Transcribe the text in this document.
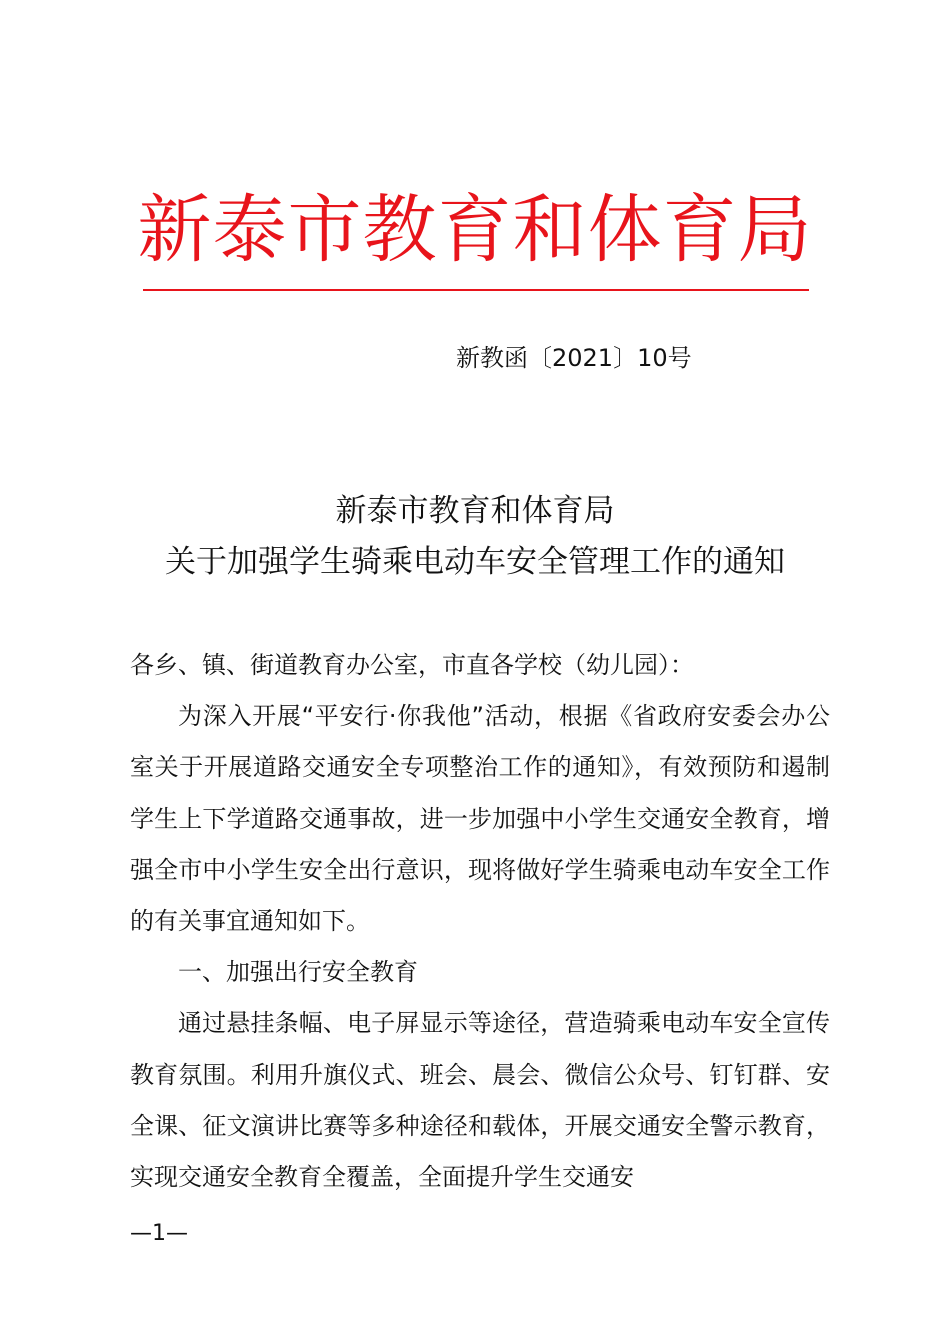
新泰市教育和体育局
新教函〔2021〕10号
新泰市教育和体育局
关于加强学生骑乘电动车安全管理工作的通知

各乡、镇、街道教育办公室，市直各学校（幼儿园）：

为深入开展“平安行·你我他”活动，根据《省政府安委会办公室关于开展道路交通安全专项整治工作的通知》，有效预防和遏制学生上下学道路交通事故，进一步加强中小学生交通安全教育，增强全市中小学生安全出行意识，现将做好学生骑乘电动车安全工作的有关事宜通知如下。

一、加强出行安全教育

通过悬挂条幅、电子屏显示等途径，营造骑乘电动车安全宣传教育氛围。利用升旗仪式、班会、晨会、微信公众号、钉钉群、安全课、征文演讲比赛等多种途径和载体，开展交通安全警示教育，实现交通安全教育全覆盖，全面提升学生交通安

—1—
